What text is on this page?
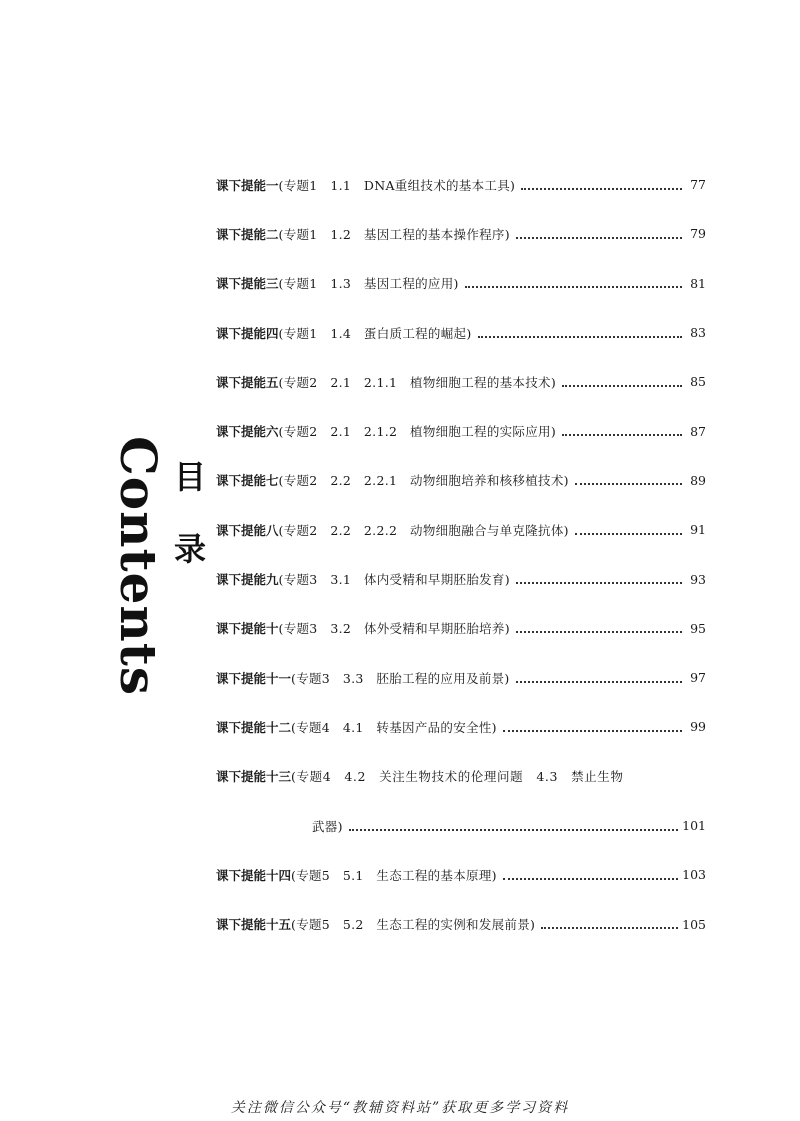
Contents 目录
课下提能一 (专题1　1.1　DNA重组技术的基本工具)	77
课下提能二 (专题1　1.2　基因工程的基本操作程序)	79
课下提能三 (专题1　1.3　基因工程的应用)	81
课下提能四 (专题1　1.4　蛋白质工程的崛起)	83
课下提能五 (专题2　2.1　2.1.1　植物细胞工程的基本技术)	85
课下提能六 (专题2　2.1　2.1.2　植物细胞工程的实际应用)	87
课下提能七 (专题2　2.2　2.2.1　动物细胞培养和核移植技术)	89
课下提能八 (专题2　2.2　2.2.2　动物细胞融合与单克隆抗体)	91
课下提能九 (专题3　3.1　体内受精和早期胚胎发育)	93
课下提能十 (专题3　3.2　体外受精和早期胚胎培养)	95
课下提能十一 (专题3　3.3　胚胎工程的应用及前景)	97
课下提能十二 (专题4　4.1　转基因产品的安全性)	99
课下提能十三 (专题4　4.2　关注生物技术的伦理问题　4.3　禁止生物
武器)	101
课下提能十四 (专题5　5.1　生态工程的基本原理)	103
课下提能十五 (专题5　5.2　生态工程的实例和发展前景)	105
关注微信公众号“教辅资料站”获取更多学习资料
